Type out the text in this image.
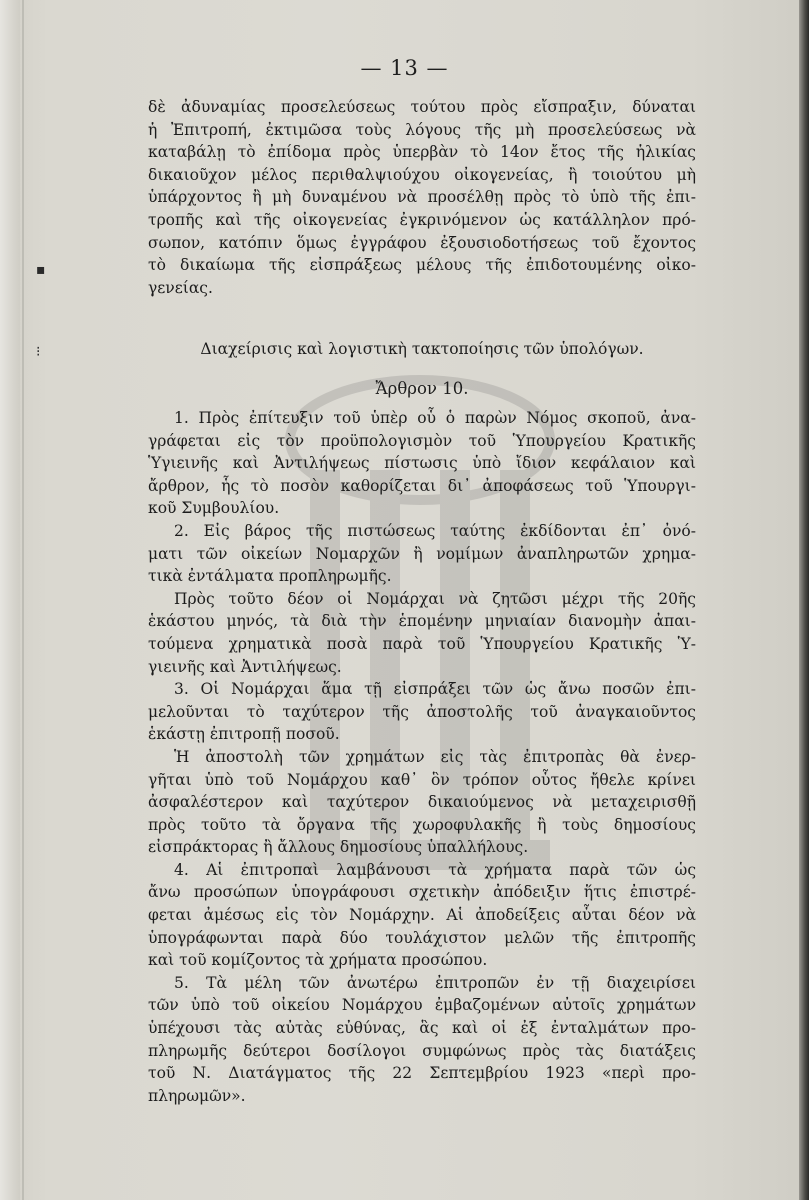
— 13 —

δὲ ἀδυναμίας προσελεύσεως τούτου πρὸς εἴσπραξιν, δύναται

ἡ Ἐπιτροπή, ἐκτιμῶσα τοὺς λόγους τῆς μὴ προσελεύσεως νὰ

καταβάλῃ τὸ ἐπίδομα πρὸς ὑπερβὰν τὸ 14ον ἔτος τῆς ἡλικίας

δικαιοῦχον μέλος περιθαλψιούχου οἰκογενείας, ἢ τοιούτου μὴ

ὑπάρχοντος ἢ μὴ δυναμένου νὰ προσέλθῃ πρὸς τὸ ὑπὸ τῆς ἐπι-

τροπῆς καὶ τῆς οἰκογενείας ἐγκρινόμενον ὡς κατάλληλον πρό-

σωπον, κατόπιν ὅμως ἐγγράφου ἐξουσιοδοτήσεως τοῦ ἔχοντος

τὸ δικαίωμα τῆς εἰσπράξεως μέλους τῆς ἐπιδοτουμένης οἰκο-

γενείας.

▪
⁝	Διαχείρισις καὶ λογιστικὴ τακτοποίησις τῶν ὑπολόγων.
Ἄρθρον 10.

1. Πρὸς ἐπίτευξιν τοῦ ὑπὲρ οὗ ὁ παρὼν Νόμος σκοποῦ, ἀνα-

γράφεται εἰς τὸν προϋπολογισμὸν τοῦ Ὑπουργείου Κρατικῆς

Ὑγιεινῆς καὶ Ἀντιλήψεως πίστωσις ὑπὸ ἴδιον κεφάλαιον καὶ

ἄρθρον, ἧς τὸ ποσὸν καθορίζεται δι᾽ ἀποφάσεως τοῦ Ὑπουργι-

κοῦ Συμβουλίου.

2. Εἰς βάρος τῆς πιστώσεως ταύτης ἐκδίδονται ἐπ᾽ ὀνό-

ματι τῶν οἰκείων Νομαρχῶν ἢ νομίμων ἀναπληρωτῶν χρημα-

τικὰ ἐντάλματα προπληρωμῆς.

Πρὸς τοῦτο δέον οἱ Νομάρχαι νὰ ζητῶσι μέχρι τῆς 20ῆς

ἑκάστου μηνός, τὰ διὰ τὴν ἑπομένην μηνιαίαν διανομὴν ἀπαι-

τούμενα χρηματικὰ ποσὰ παρὰ τοῦ Ὑπουργείου Κρατικῆς Ὑ-

γιεινῆς καὶ Ἀντιλήψεως.

3. Οἱ Νομάρχαι ἅμα τῇ εἰσπράξει τῶν ὡς ἄνω ποσῶν ἐπι-

μελοῦνται τὸ ταχύτερον τῆς ἀποστολῆς τοῦ ἀναγκαιοῦντος

ἑκάστῃ ἐπιτροπῇ ποσοῦ.

Ἡ ἀποστολὴ τῶν χρημάτων εἰς τὰς ἐπιτροπὰς θὰ ἐνερ-

γῆται ὑπὸ τοῦ Νομάρχου καθ᾽ ὃν τρόπον οὗτος ἤθελε κρίνει

ἀσφαλέστερον καὶ ταχύτερον δικαιούμενος νὰ μεταχειρισθῇ

πρὸς τοῦτο τὰ ὄργανα τῆς χωροφυλακῆς ἢ τοὺς δημοσίους

εἰσπράκτορας ἢ ἄλλους δημοσίους ὑπαλλήλους.

4. Αἱ ἐπιτροπαὶ λαμβάνουσι τὰ χρήματα παρὰ τῶν ὡς

ἄνω προσώπων ὑπογράφουσι σχετικὴν ἀπόδειξιν ἥτις ἐπιστρέ-

φεται ἀμέσως εἰς τὸν Νομάρχην. Αἱ ἀποδείξεις αὗται δέον νὰ

ὑπογράφωνται παρὰ δύο τουλάχιστον μελῶν τῆς ἐπιτροπῆς

καὶ τοῦ κομίζοντος τὰ χρήματα προσώπου.

5. Τὰ μέλη τῶν ἀνωτέρω ἐπιτροπῶν ἐν τῇ διαχειρίσει

τῶν ὑπὸ τοῦ οἰκείου Νομάρχου ἐμβαζομένων αὐτοῖς χρημάτων

ὑπέχουσι τὰς αὐτὰς εὐθύνας, ἃς καὶ οἱ ἐξ ἐνταλμάτων προ-

πληρωμῆς δεύτεροι δοσίλογοι συμφώνως πρὸς τὰς διατάξεις

τοῦ Ν. Διατάγματος τῆς 22 Σεπτεμβρίου 1923 «περὶ προ-

πληρωμῶν».
